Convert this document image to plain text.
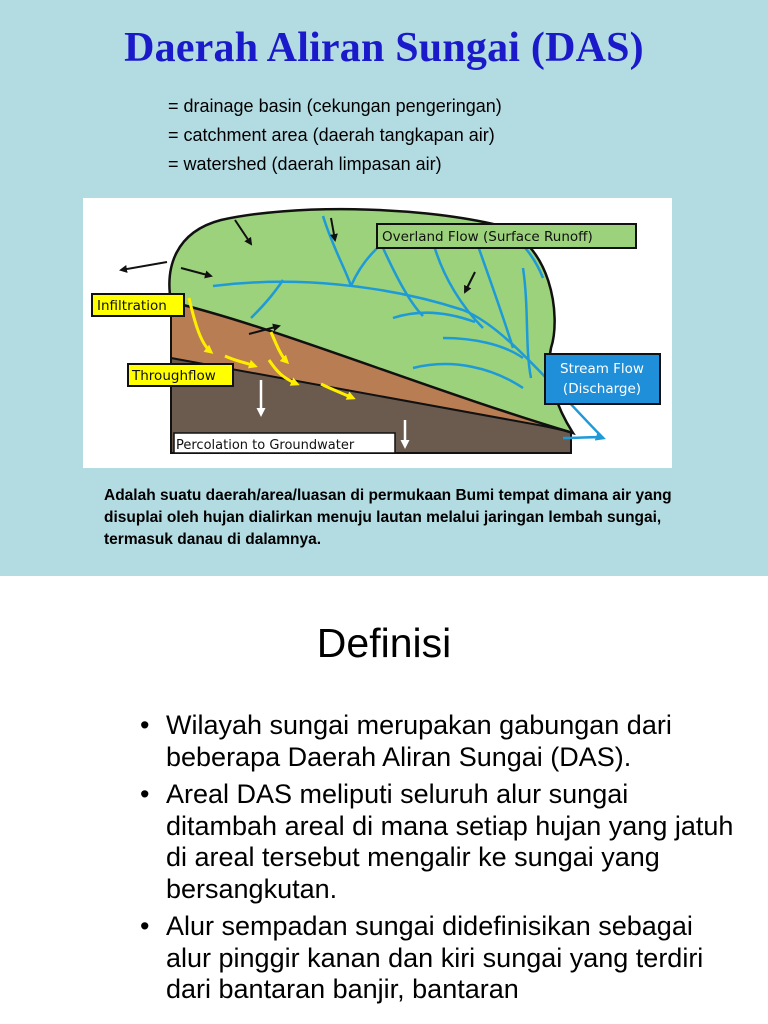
Daerah Aliran Sungai (DAS)
= drainage basin (cekungan pengeringan)
= catchment area (daerah tangkapan air)
= watershed (daerah limpasan air)
Overland Flow (Surface Runoff)
Infiltration
Throughflow	Stream Flow
(Discharge)
Percolation to Groundwater
Adalah suatu daerah/area/luasan di permukaan Bumi tempat dimana air yang disuplai oleh hujan dialirkan menuju lautan melalui jaringan lembah sungai, termasuk danau di dalamnya.
Definisi
• Wilayah sungai merupakan gabungan dari beberapa Daerah Aliran Sungai (DAS).
• Areal DAS meliputi seluruh alur sungai ditambah areal di mana setiap hujan yang jatuh di areal tersebut mengalir ke sungai yang bersangkutan.
• Alur sempadan sungai didefinisikan sebagai alur pinggir kanan dan kiri sungai yang terdiri dari bantaran banjir, bantaran
